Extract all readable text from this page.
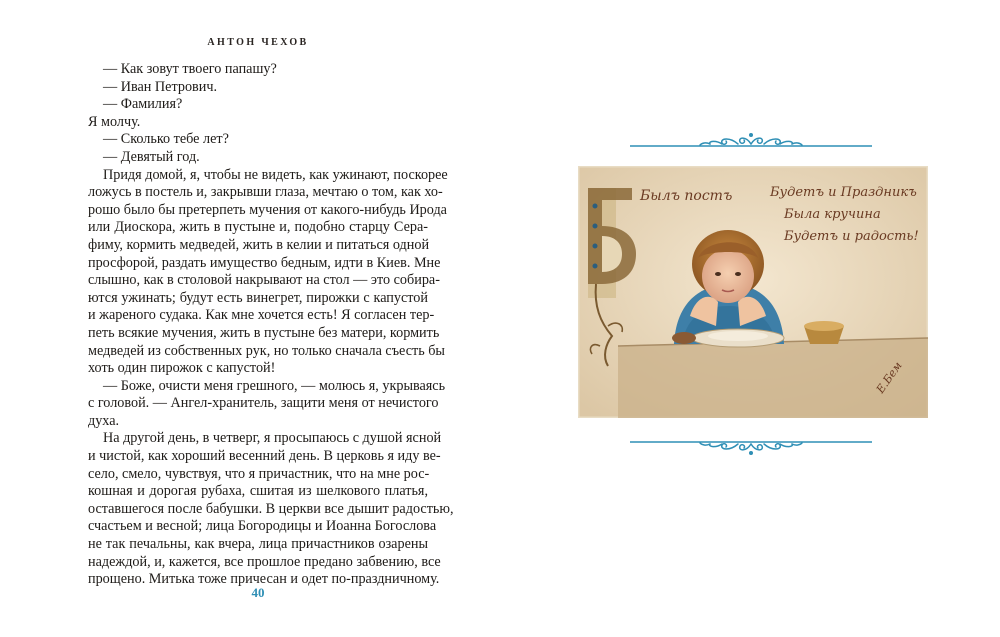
АНТОН ЧЕХОВ
— Как зовут твоего папашу?
— Иван Петрович.
— Фамилия?
Я молчу.
— Сколько тебе лет?
— Девятый год.
Придя домой, я, чтобы не видеть, как ужинают, поскорее
ложусь в постель и, закрывши глаза, мечтаю о том, как хо-
рошо было бы претерпеть мучения от какого-нибудь Ирода
или Диоскора, жить в пустыне и, подобно старцу Сера-
фиму, кормить медведей, жить в келии и питаться одной
просфорой, раздать имущество бедным, идти в Киев. Мне
слышно, как в столовой накрывают на стол — это собира-
ются ужинать; будут есть винегрет, пирожки с капустой
и жареного судака. Как мне хочется есть! Я согласен тер-
петь всякие мучения, жить в пустыне без матери, кормить
медведей из собственных рук, но только сначала съесть бы
хоть один пирожок с капустой!
— Боже, очисти меня грешного, — молюсь я, укрываясь
с головой. — Ангел-хранитель, защити меня от нечистого
духа.
На другой день, в четверг, я просыпаюсь с душой ясной
и чистой, как хороший весенний день. В церковь я иду ве-
село, смело, чувствуя, что я причастник, что на мне рос-
кошная и дорогая рубаха, сшитая из шелкового платья,
оставшегося после бабушки. В церкви все дышит радостью,
счастьем и весной; лица Богородицы и Иоанна Богослова
не так печальны, как вчера, лица причастников озарены
надеждой, и, кажется, все прошлое предано забвению, все
прощено. Митька тоже причесан и одет по-праздничному.
40
Былъ постъ	Будетъ и Праздникъ
Была кручина
Будетъ и радость!
Е.Бем
